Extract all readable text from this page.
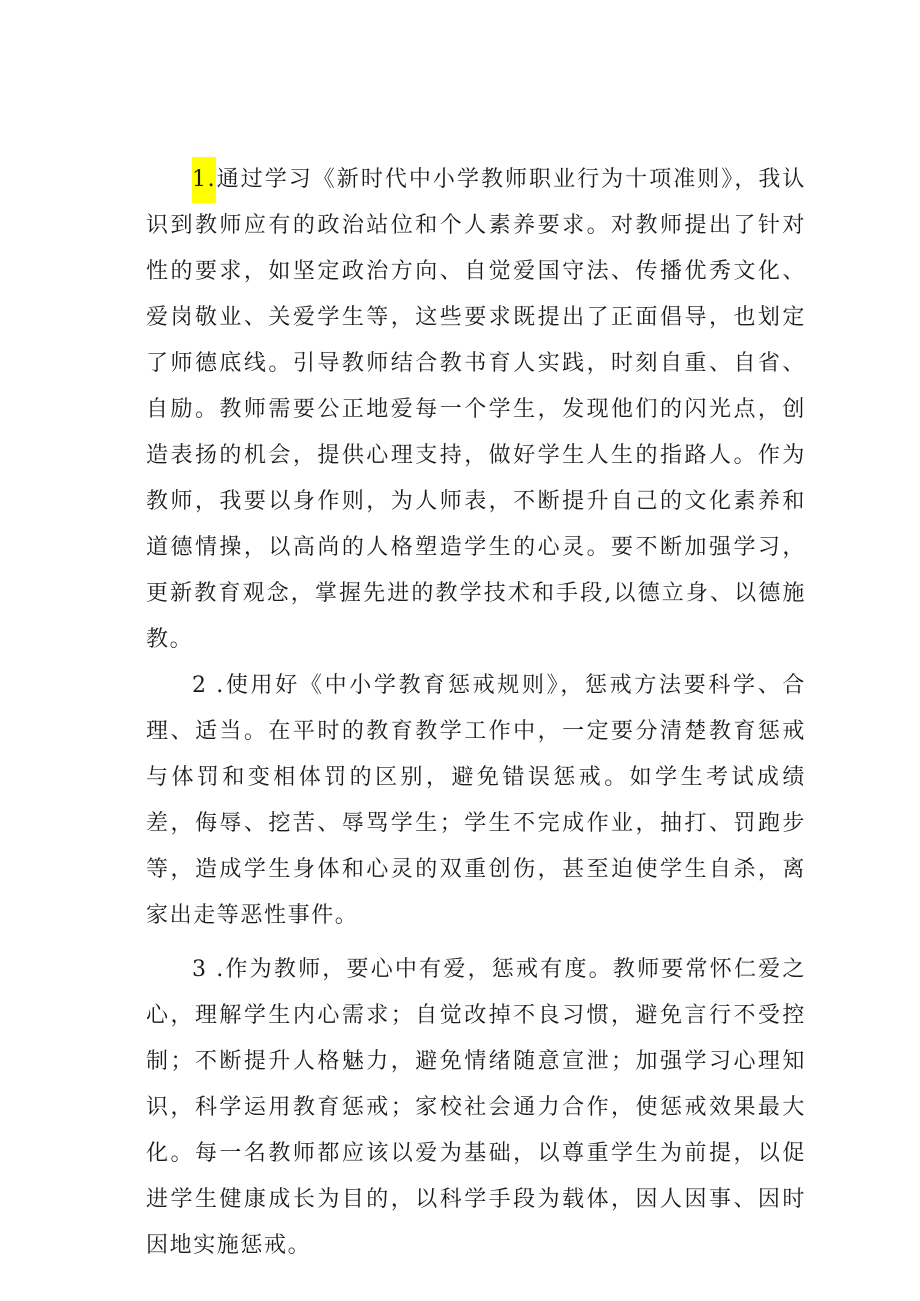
1.通过学习《新时代中小学教师职业行为十项准则》，我认识到教师应有的政治站位和个人素养要求。对教师提出了针对性的要求，如坚定政治方向、自觉爱国守法、传播优秀文化、爱岗敬业、关爱学生等，这些要求既提出了正面倡导，也划定了师德底线。引导教师结合教书育人实践，时刻自重、自省、自励。教师需要公正地爱每一个学生，发现他们的闪光点，创造表扬的机会，提供心理支持，做好学生人生的指路人。作为教师，我要以身作则，为人师表，不断提升自己的文化素养和道德情操，以高尚的人格塑造学生的心灵。要不断加强学习，更新教育观念，掌握先进的教学技术和手段,以德立身、以德施教。

2 .使用好《中小学教育惩戒规则》，惩戒方法要科学、合理、适当。在平时的教育教学工作中，一定要分清楚教育惩戒与体罚和变相体罚的区别，避免错误惩戒。如学生考试成绩差，侮辱、挖苦、辱骂学生；学生不完成作业，抽打、罚跑步等，造成学生身体和心灵的双重创伤，甚至迫使学生自杀，离家出走等恶性事件。

3 .作为教师，要心中有爱，惩戒有度。教师要常怀仁爱之心，理解学生内心需求；自觉改掉不良习惯，避免言行不受控制；不断提升人格魅力，避免情绪随意宣泄；加强学习心理知识，科学运用教育惩戒；家校社会通力合作，使惩戒效果最大化。每一名教师都应该以爱为基础，以尊重学生为前提，以促进学生健康成长为目的，以科学手段为载体，因人因事、因时因地实施惩戒。
